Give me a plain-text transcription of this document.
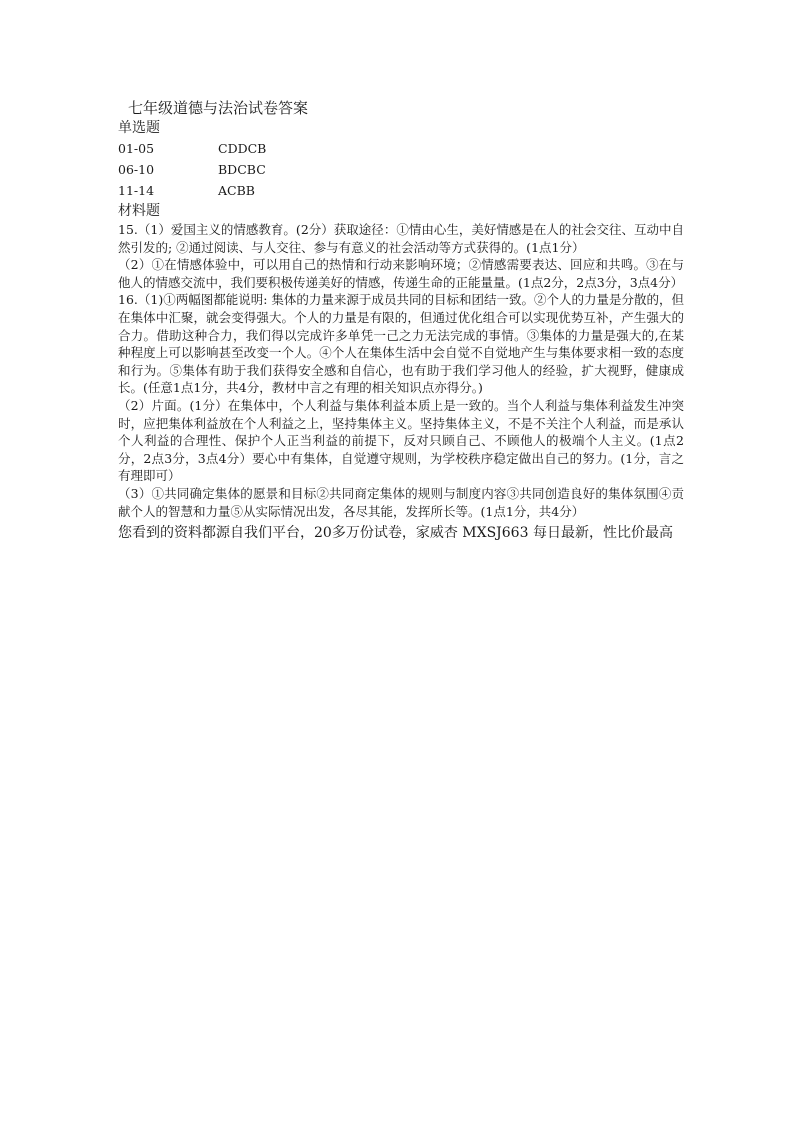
七年级道德与法治试卷答案
单选题
01-05	CDDCB
06-10	BDCBC
11-14	ACBB
材料题

15.（1）爱国主义的情感教育。(2分）获取途径：①情由心生，美好情感是在人的社会交往、互动中自然引发的; ②通过阅读、与人交往、参与有意义的社会活动等方式获得的。(1点1分）

（2）①在情感体验中，可以用自己的热情和行动来影响环境；②情感需要表达、回应和共鸣。③在与他人的情感交流中，我们要积极传递美好的情感，传递生命的正能量量。(1点2分，2点3分，3点4分）

16.（1)①两幅图都能说明: 集体的力量来源于成员共同的目标和团结一致。②个人的力量是分散的，但在集体中汇聚，就会变得强大。个人的力量是有限的，但通过优化组合可以实现优势互补，产生强大的合力。借助这种合力，我们得以完成许多单凭一己之力无法完成的事情。③集体的力量是强大的,在某种程度上可以影响甚至改变一个人。④个人在集体生活中会自觉不自觉地产生与集体要求相一致的态度和行为。⑤集体有助于我们获得安全感和自信心，也有助于我们学习他人的经验，扩大视野，健康成长。(任意1点1分，共4分，教材中言之有理的相关知识点亦得分。)

（2）片面。(1分）在集体中，个人利益与集体利益本质上是一致的。当个人利益与集体利益发生冲突时，应把集体利益放在个人利益之上，坚持集体主义。坚持集体主义，不是不关注个人利益，而是承认个人利益的合理性、保护个人正当利益的前提下，反对只顾自己、不顾他人的极端个人主义。(1点2分，2点3分，3点4分）要心中有集体，自觉遵守规则，为学校秩序稳定做出自己的努力。(1分，言之有理即可）

（3）①共同确定集体的愿景和目标②共同商定集体的规则与制度内容③共同创造良好的集体氛围④贡献个人的智慧和力量⑤从实际情况出发，各尽其能，发挥所长等。(1点1分，共4分）

您看到的资料都源自我们平台，20多万份试卷，家威杏 MXSJ663 每日最新，性比价最高
